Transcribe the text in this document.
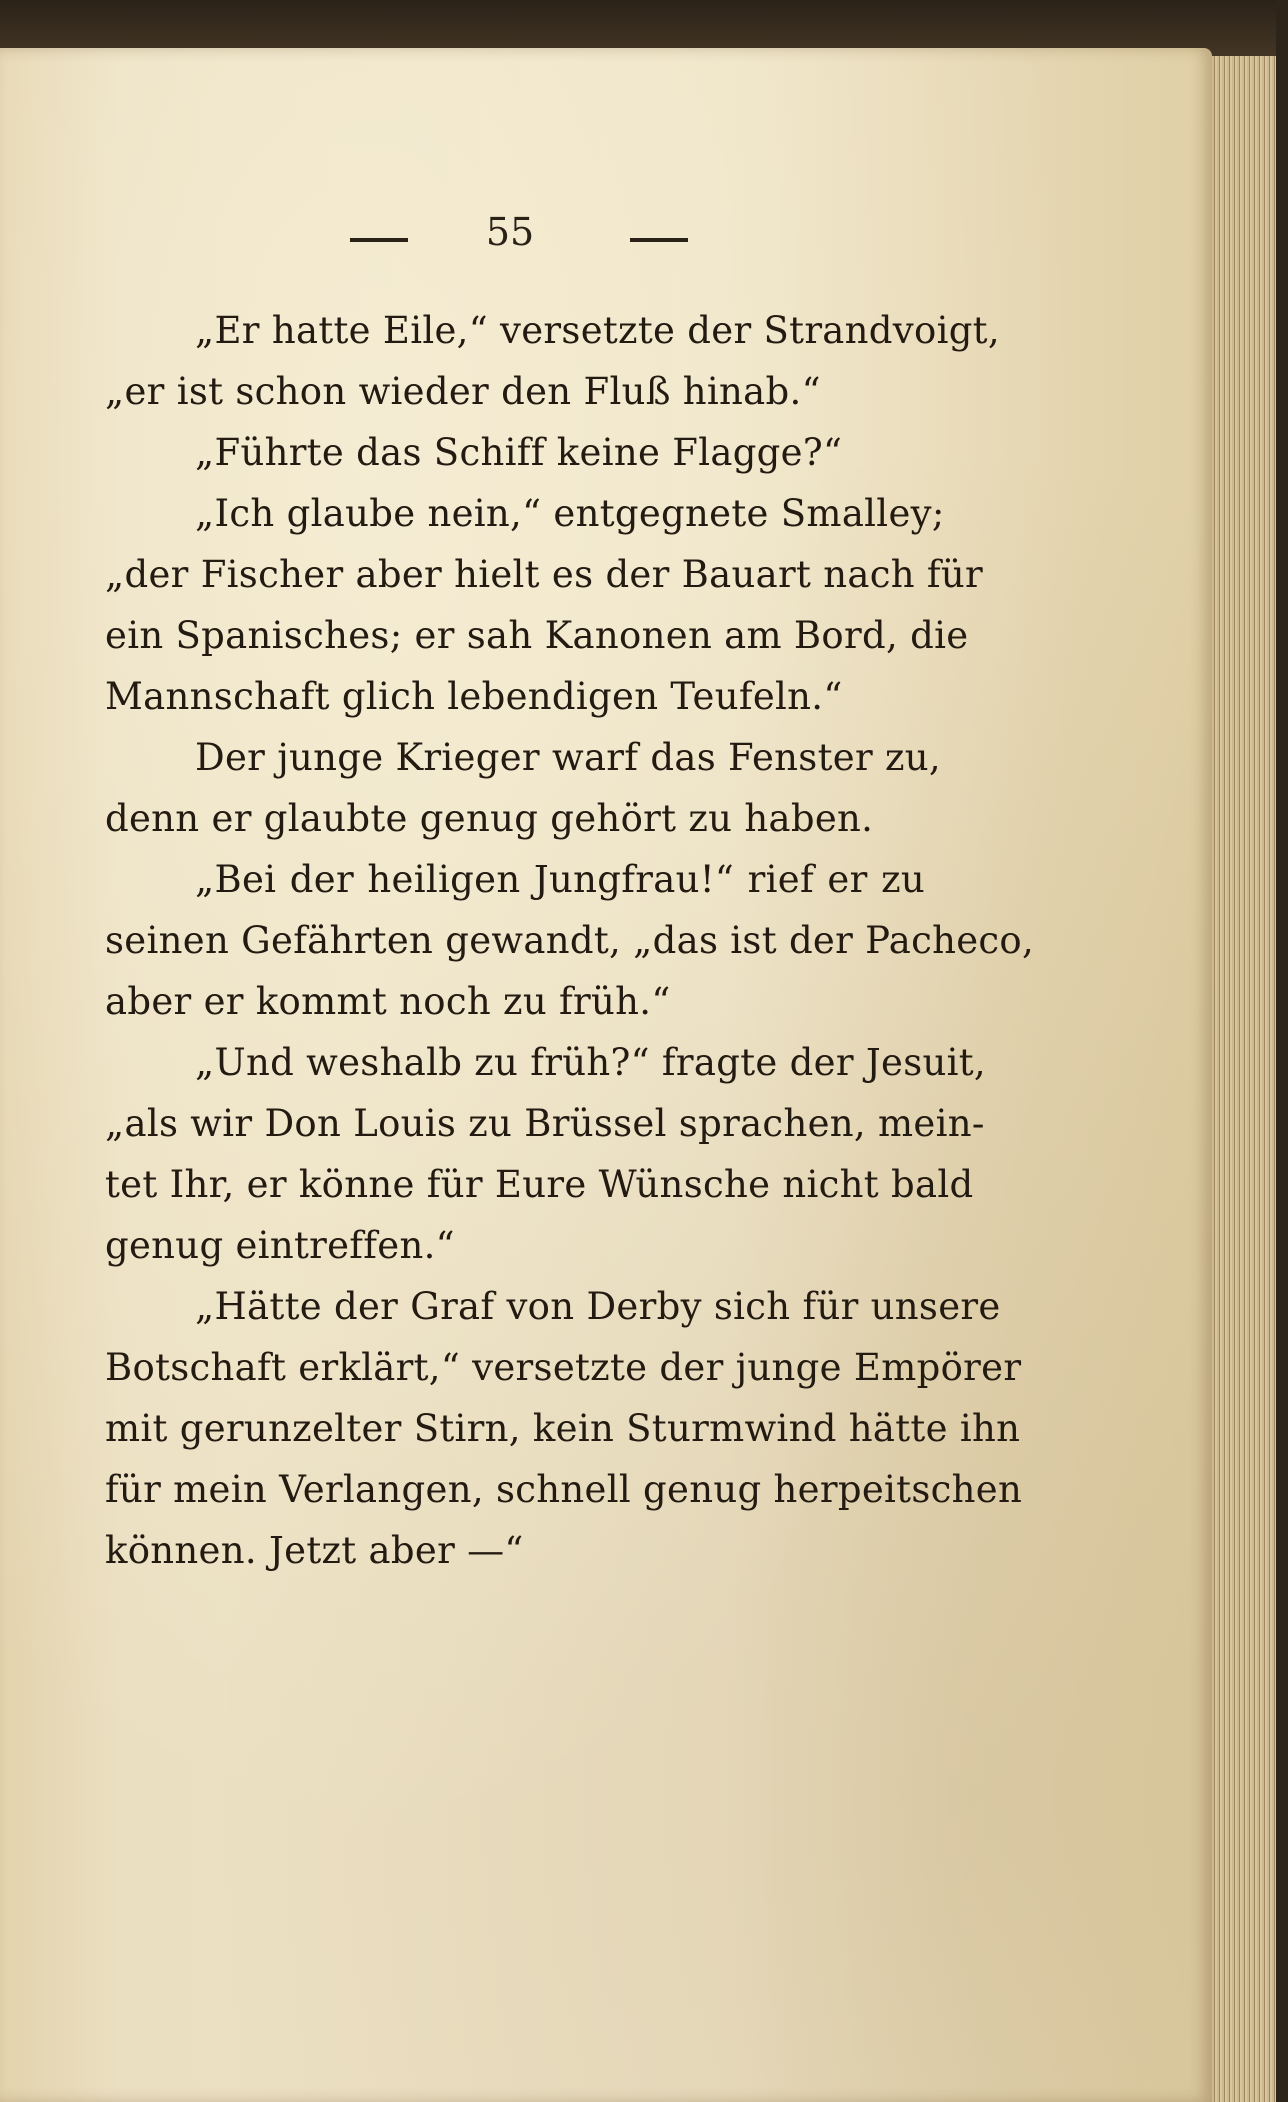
55
„Er hatte Eile,“ versetzte der Strandvoigt,
„er ist schon wieder den Fluß hinab.“
„Führte das Schiff keine Flagge?“
„Ich glaube nein,“ entgegnete Smalley;
„der Fischer aber hielt es der Bauart nach für
ein Spanisches; er sah Kanonen am Bord, die
Mannschaft glich lebendigen Teufeln.“
Der junge Krieger warf das Fenster zu,
denn er glaubte genug gehört zu haben.
„Bei der heiligen Jungfrau!“ rief er zu
seinen Gefährten gewandt, „das ist der Pacheco,
aber er kommt noch zu früh.“
„Und weshalb zu früh?“ fragte der Jesuit,
„als wir Don Louis zu Brüssel sprachen, mein-
tet Ihr, er könne für Eure Wünsche nicht bald
genug eintreffen.“
„Hätte der Graf von Derby sich für unsere
Botschaft erklärt,“ versetzte der junge Empörer
mit gerunzelter Stirn, kein Sturmwind hätte ihn
für mein Verlangen, schnell genug herpeitschen
können. Jetzt aber —“
